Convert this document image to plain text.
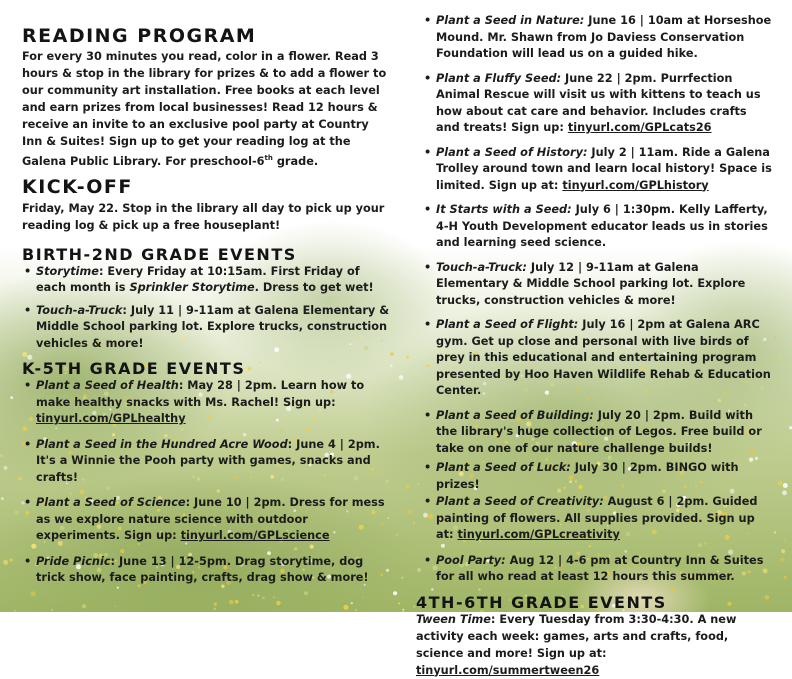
READING PROGRAM

For every 30 minutes you read, color in a flower. Read 3 hours & stop in the library for prizes & to add a flower to our community art installation. Free books at each level and earn prizes from local businesses! Read 12 hours & receive an invite to an exclusive pool party at Country Inn & Suites! Sign up to get your reading log at the Galena Public Library. For preschool-6th grade.

KICK-OFF

Friday, May 22. Stop in the library all day to pick up your reading log & pick up a free houseplant!

BIRTH-2ND GRADE EVENTS
• Storytime: Every Friday at 10:15am. First Friday of each month is Sprinkler Storytime. Dress to get wet!
• Touch-a-Truck: July 11 | 9-11am at Galena Elementary & Middle School parking lot. Explore trucks, construction vehicles & more!
K-5TH GRADE EVENTS
• Plant a Seed of Health: May 28 | 2pm. Learn how to make healthy snacks with Ms. Rachel! Sign up: tinyurl.com/GPLhealthy
• Plant a Seed in the Hundred Acre Wood: June 4 | 2pm. It's a Winnie the Pooh party with games, snacks and crafts!
• Plant a Seed of Science: June 10 | 2pm. Dress for mess as we explore nature science with outdoor experiments. Sign up: tinyurl.com/GPLscience
• Pride Picnic: June 13 | 12-5pm. Drag storytime, dog trick show, face painting, crafts, drag show & more!
• Plant a Seed in Nature: June 16 | 10am at Horseshoe Mound. Mr. Shawn from Jo Daviess Conservation Foundation will lead us on a guided hike.
• Plant a Fluffy Seed: June 22 | 2pm. Purrfection Animal Rescue will visit us with kittens to teach us how about cat care and behavior. Includes crafts and treats! Sign up: tinyurl.com/GPLcats26
• Plant a Seed of History: July 2 | 11am. Ride a Galena Trolley around town and learn local history! Space is limited. Sign up at: tinyurl.com/GPLhistory
• It Starts with a Seed: July 6 | 1:30pm. Kelly Lafferty, 4-H Youth Development educator leads us in stories and learning seed science.
• Touch-a-Truck: July 12 | 9-11am at Galena Elementary & Middle School parking lot. Explore trucks, construction vehicles & more!
• Plant a Seed of Flight: July 16 | 2pm at Galena ARC gym. Get up close and personal with live birds of prey in this educational and entertaining program presented by Hoo Haven Wildlife Rehab & Education Center.
• Plant a Seed of Building: July 20 | 2pm. Build with the library's huge collection of Legos. Free build or take on one of our nature challenge builds!
• Plant a Seed of Luck: July 30 | 2pm. BINGO with prizes!
• Plant a Seed of Creativity: August 6 | 2pm. Guided painting of flowers. All supplies provided. Sign up at: tinyurl.com/GPLcreativity
• Pool Party: Aug 12 | 4-6 pm at Country Inn & Suites for all who read at least 12 hours this summer.
4TH-6TH GRADE EVENTS

Tween Time: Every Tuesday from 3:30-4:30. A new activity each week: games, arts and crafts, food, science and more! Sign up at: tinyurl.com/summertween26
